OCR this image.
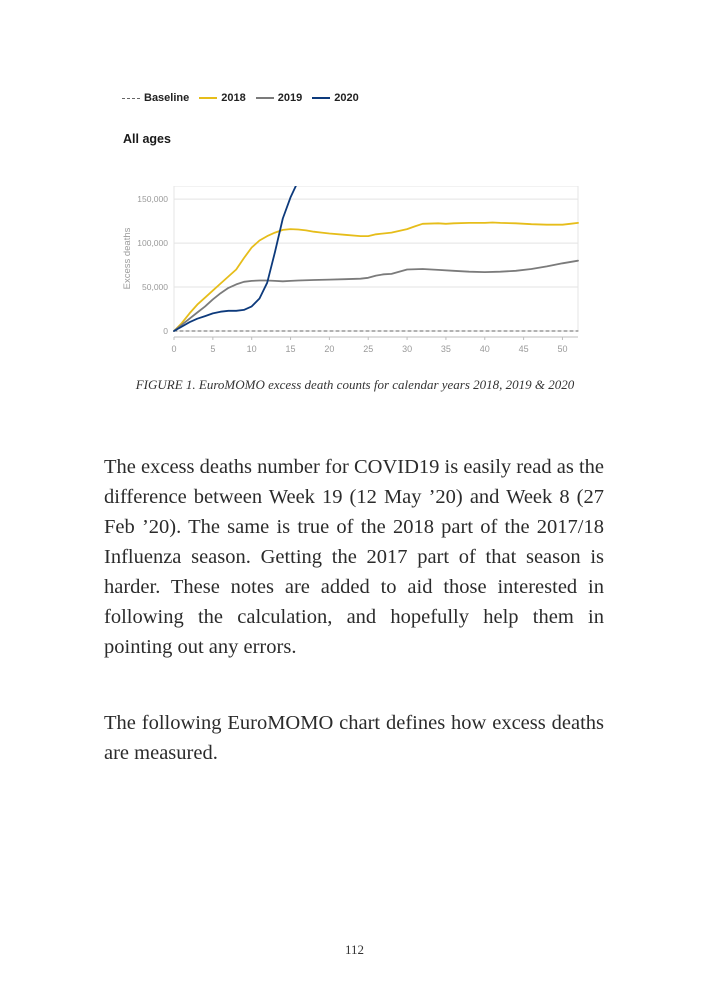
Baseline	2018	2019	2020
All ages
0
50,000
100,000
150,000
0	5	10	15	20	25	30	35	40	45	50
Excess deaths
FIGURE 1. EuroMOMO excess death counts for calendar years 2018, 2019 & 2020

The excess deaths number for COVID19 is easily read as the difference between Week 19 (12 May ’20) and Week 8 (27 Feb ’20). The same is true of the 2018 part of the 2017/18 Influenza season. Getting the 2017 part of that season is harder. These notes are added to aid those interested in following the calculation, and hopefully help them in pointing out any errors.

The following EuroMOMO chart defines how excess deaths are measured.

112
